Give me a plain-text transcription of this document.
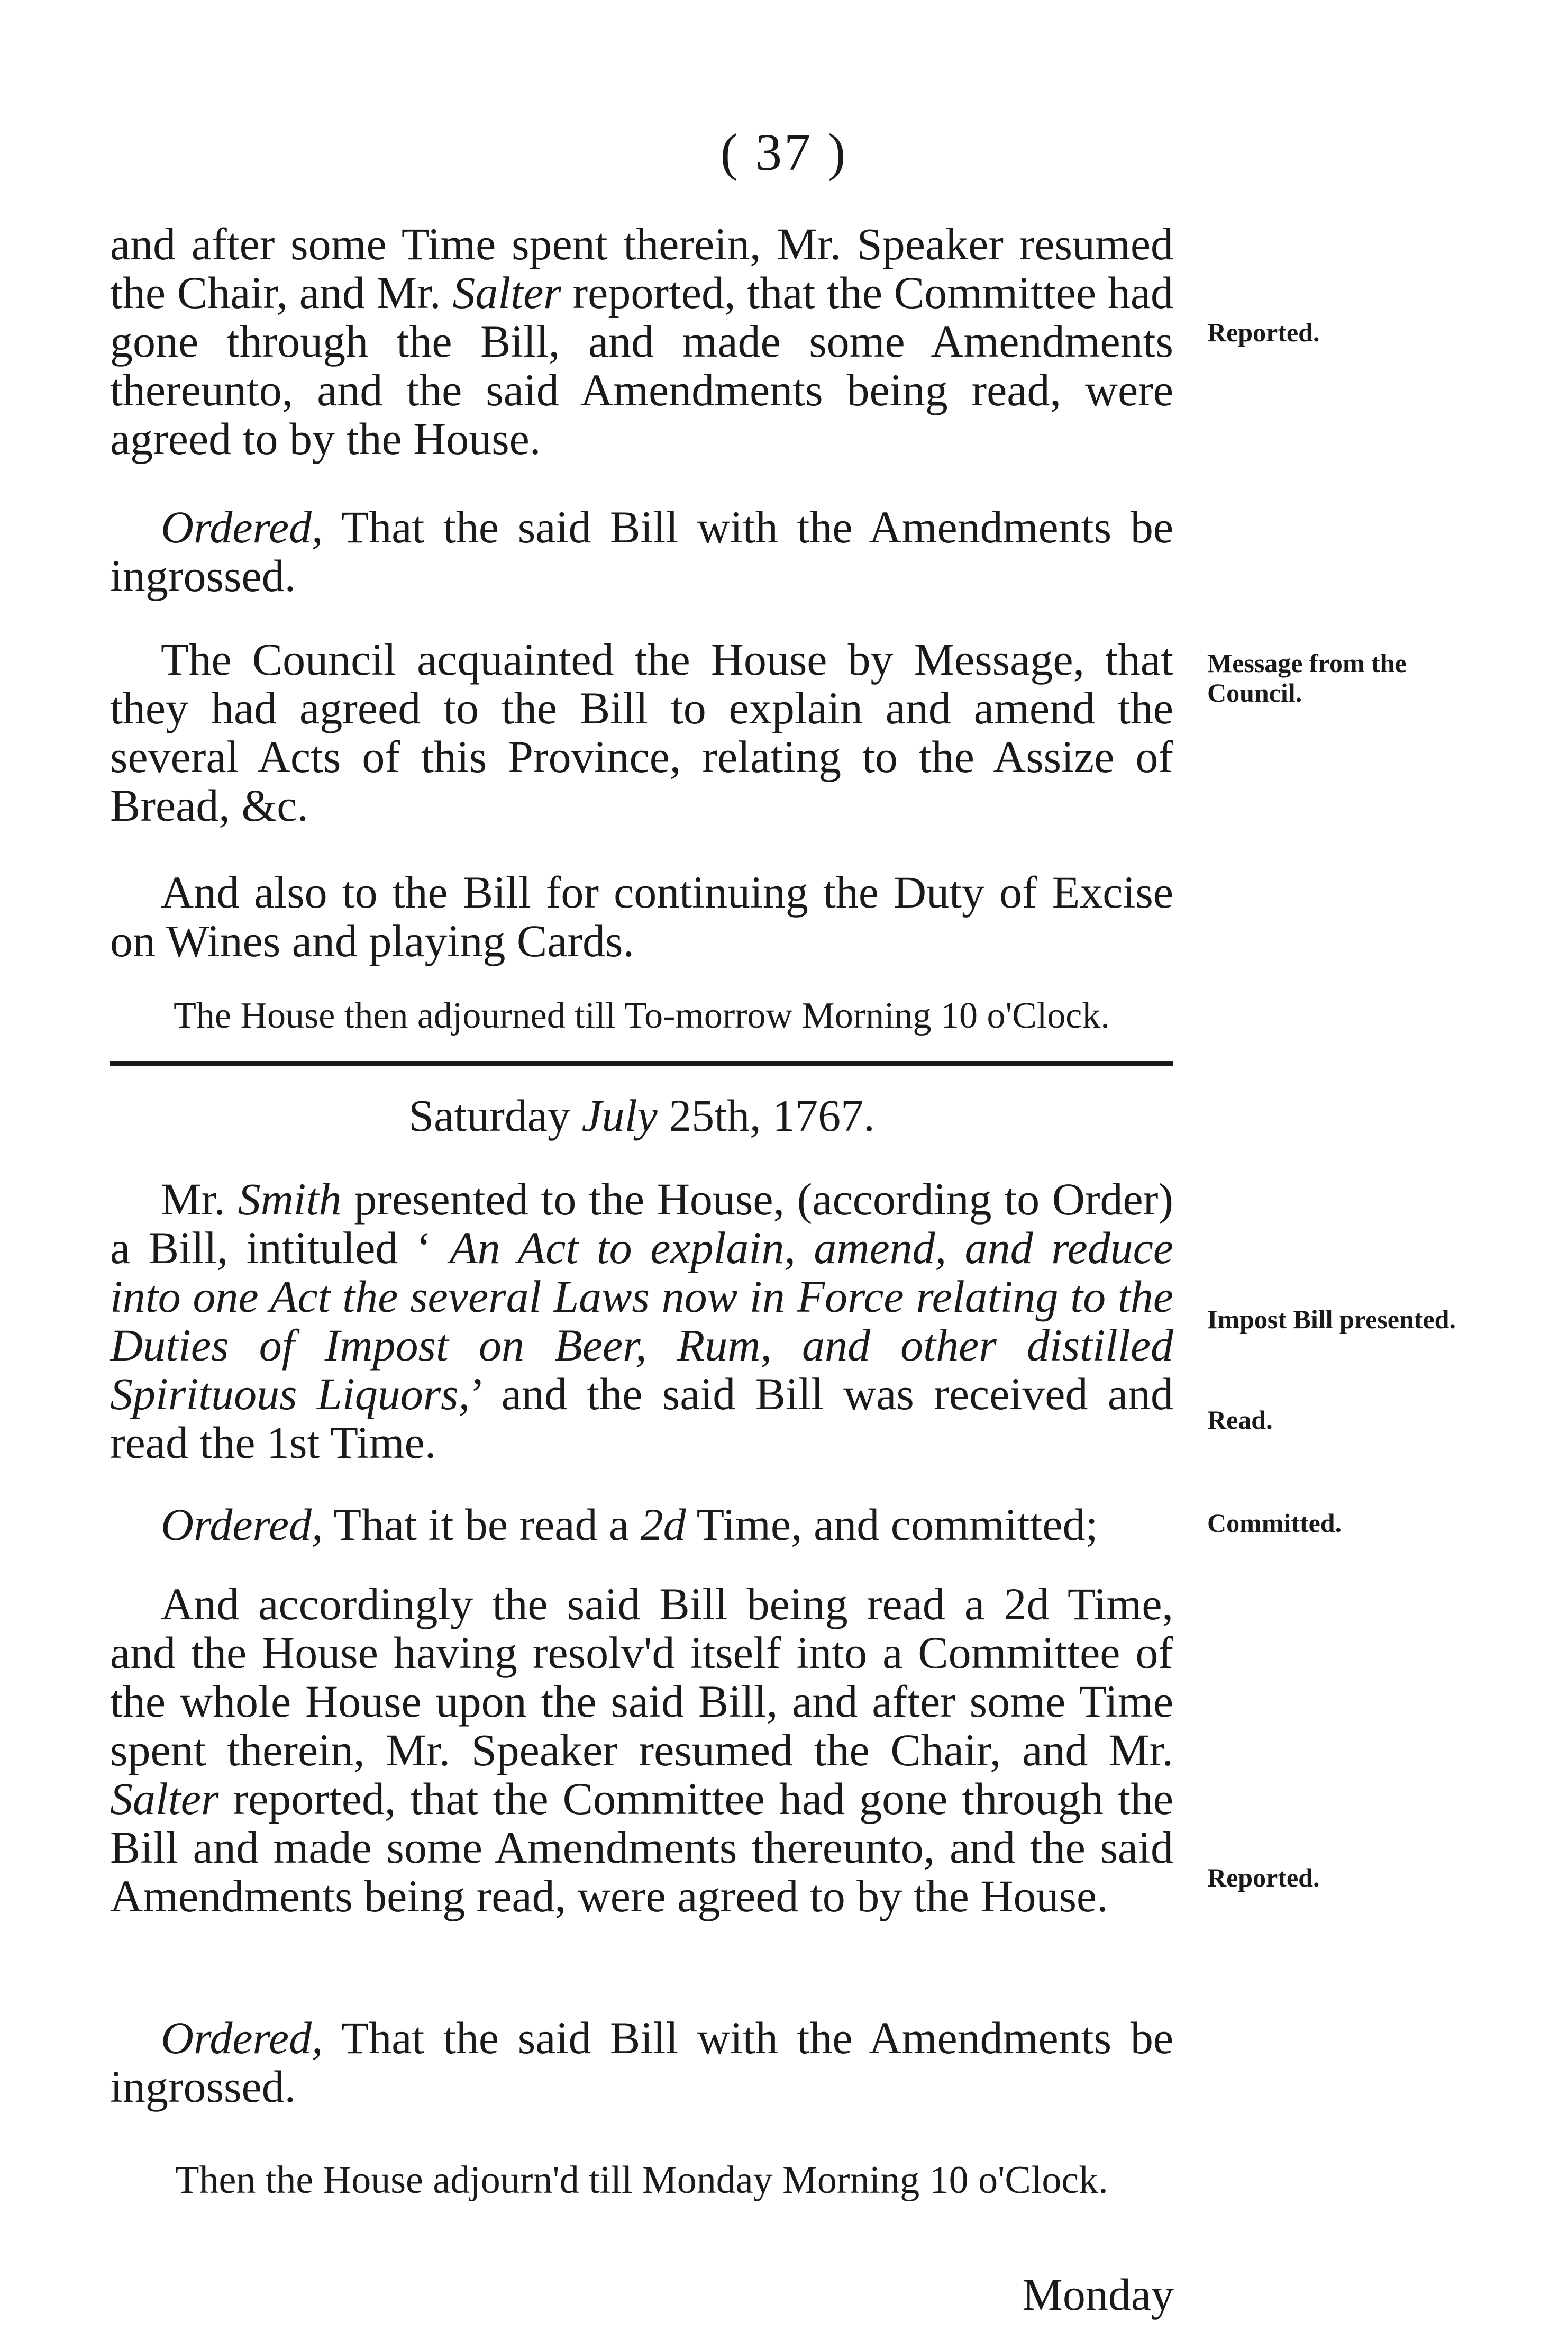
( 37 )
and after some Time spent therein, Mr. Speaker resumed the Chair, and Mr. Salter reported, that the Committee had gone through the Bill, and made some Amendments thereunto, and the said Amendments being read, were agreed to by the House.
Ordered, That the said Bill with the Amendments be ingrossed.
The Council acquainted the House by Message, that they had agreed to the Bill to explain and amend the several Acts of this Province, relating to the Assize of Bread, &c.
And also to the Bill for continuing the Duty of Excise on Wines and playing Cards.
The House then adjourned till To-morrow Morning 10 o'Clock.
Saturday July 25th, 1767.
Mr. Smith presented to the House, (according to Order) a Bill, intituled ‘ An Act to explain, amend, and reduce into one Act the several Laws now in Force relating to the Duties of Impost on Beer, Rum, and other distilled Spirituous Liquors,’ and the said Bill was received and read the 1st Time.
Ordered, That it be read a 2d Time, and committed;
And accordingly the said Bill being read a 2d Time, and the House having resolv'd itself into a Committee of the whole House upon the said Bill, and after some Time spent therein, Mr. Speaker resumed the Chair, and Mr. Salter reported, that the Committee had gone through the Bill and made some Amendments thereunto, and the said Amendments being read, were agreed to by the House.
Ordered, That the said Bill with the Amendments be ingrossed.
Then the House adjourn'd till Monday Morning 10 o'Clock.
Monday
Reported.
Message from the Council.
Impost Bill presented.
Read.
Committed.
Reported.
